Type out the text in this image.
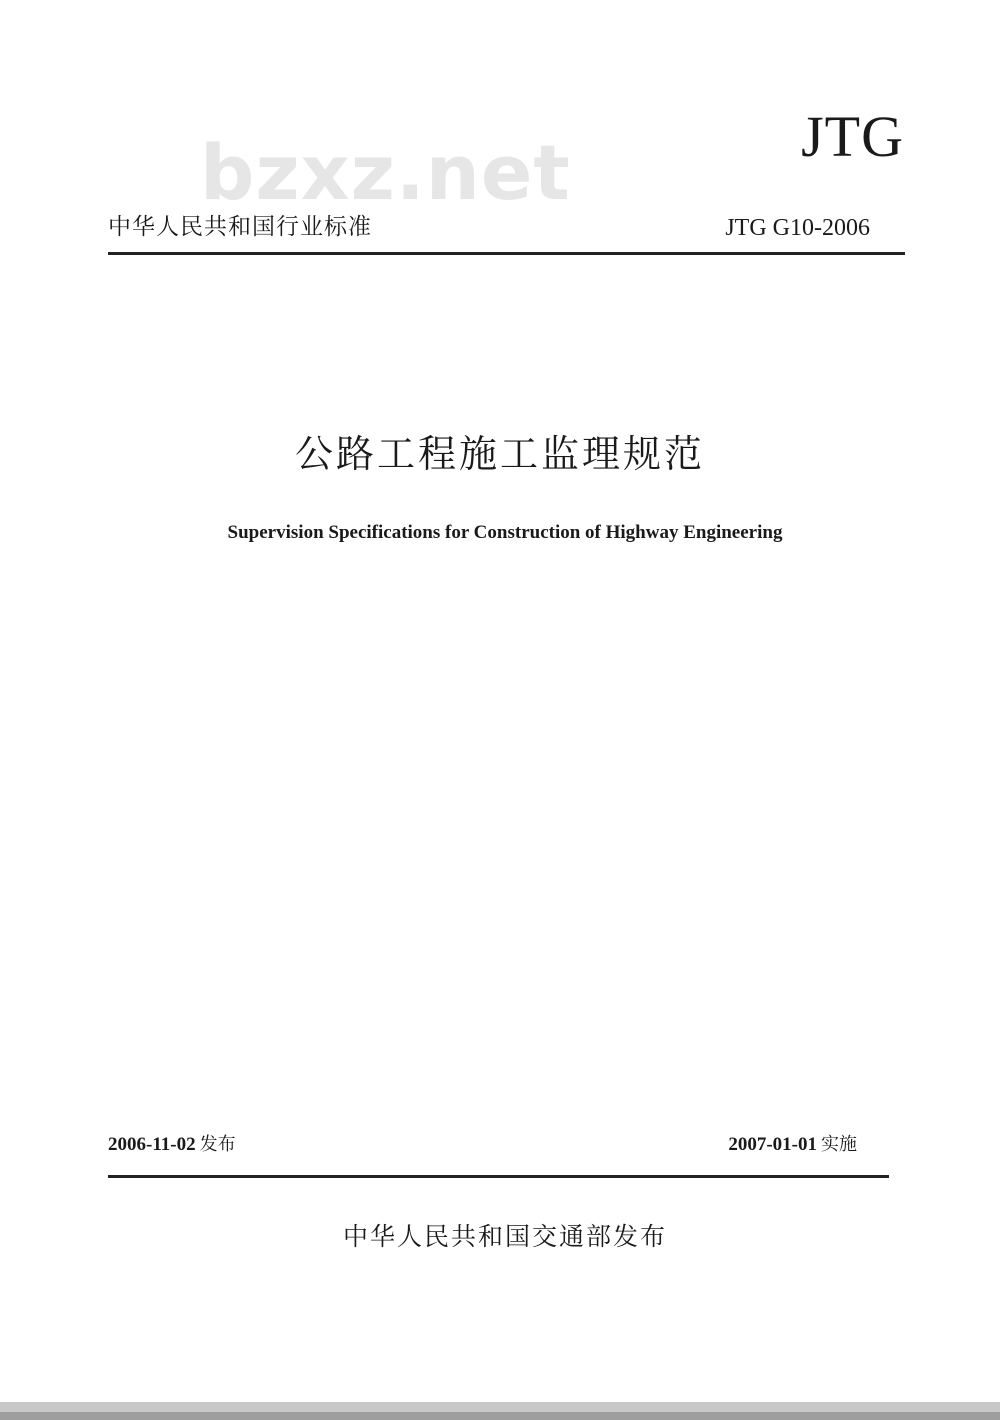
bzxz.net	JTG
中华人民共和国行业标准	JTG G10-2006
公路工程施工监理规范
Supervision Specifications for Construction of Highway Engineering
2006-11-02 发布	2007-01-01 实施
中华人民共和国交通部发布
